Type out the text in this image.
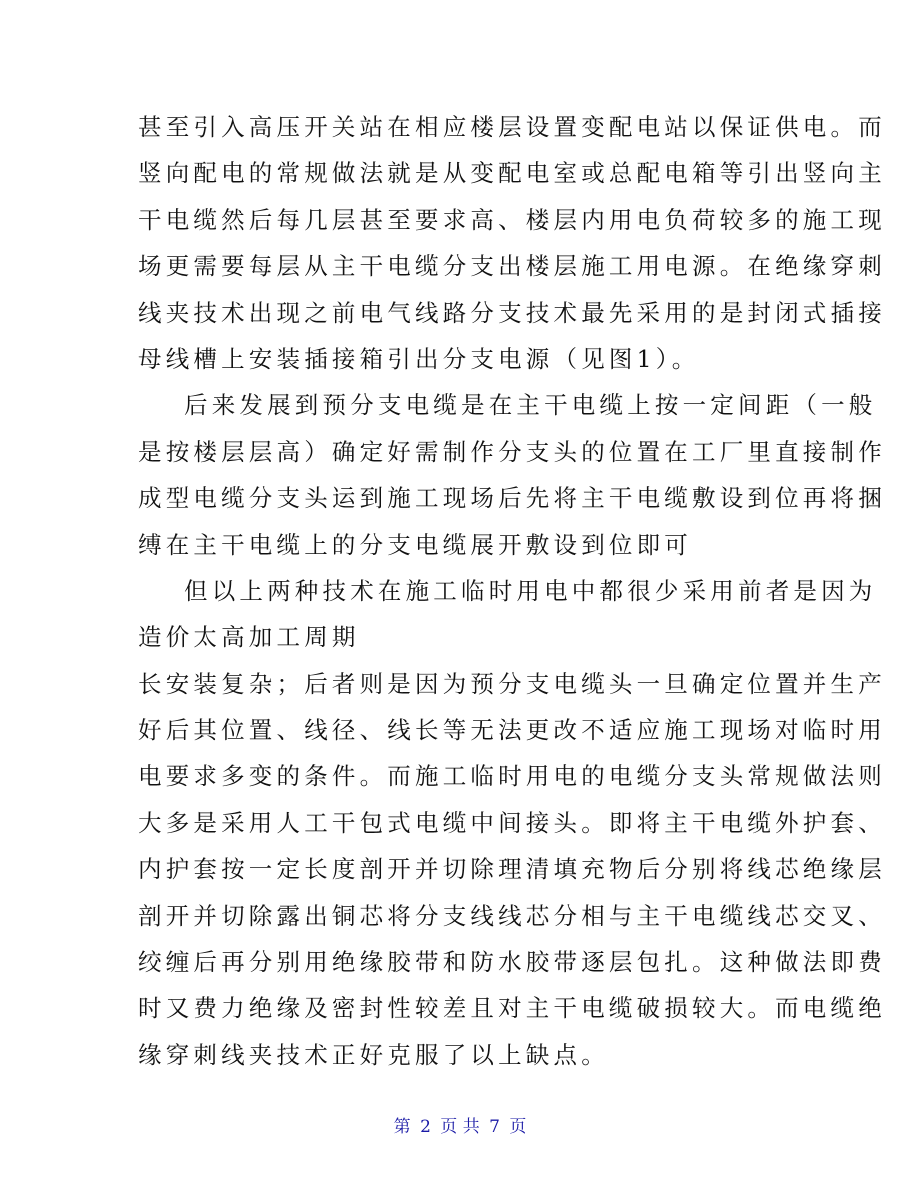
甚至引入高压开关站在相应楼层设置变配电站以保证供电。而
竖向配电的常规做法就是从变配电室或总配电箱等引出竖向主
干电缆然后每几层甚至要求高、楼层内用电负荷较多的施工现
场更需要每层从主干电缆分支出楼层施工用电源。在绝缘穿刺
线夹技术出现之前电气线路分支技术最先采用的是封闭式插接
母线槽上安装插接箱引出分支电源（见图1）。
后来发展到预分支电缆是在主干电缆上按一定间距（一般
是按楼层层高）确定好需制作分支头的位置在工厂里直接制作
成型电缆分支头运到施工现场后先将主干电缆敷设到位再将捆
缚在主干电缆上的分支电缆展开敷设到位即可
但以上两种技术在施工临时用电中都很少采用前者是因为
造价太高加工周期
长安装复杂；后者则是因为预分支电缆头一旦确定位置并生产
好后其位置、线径、线长等无法更改不适应施工现场对临时用
电要求多变的条件。而施工临时用电的电缆分支头常规做法则
大多是采用人工干包式电缆中间接头。即将主干电缆外护套、
内护套按一定长度剖开并切除理清填充物后分别将线芯绝缘层
剖开并切除露出铜芯将分支线线芯分相与主干电缆线芯交叉、
绞缠后再分别用绝缘胶带和防水胶带逐层包扎。这种做法即费
时又费力绝缘及密封性较差且对主干电缆破损较大。而电缆绝
缘穿刺线夹技术正好克服了以上缺点。
第 2 页 共 7 页
